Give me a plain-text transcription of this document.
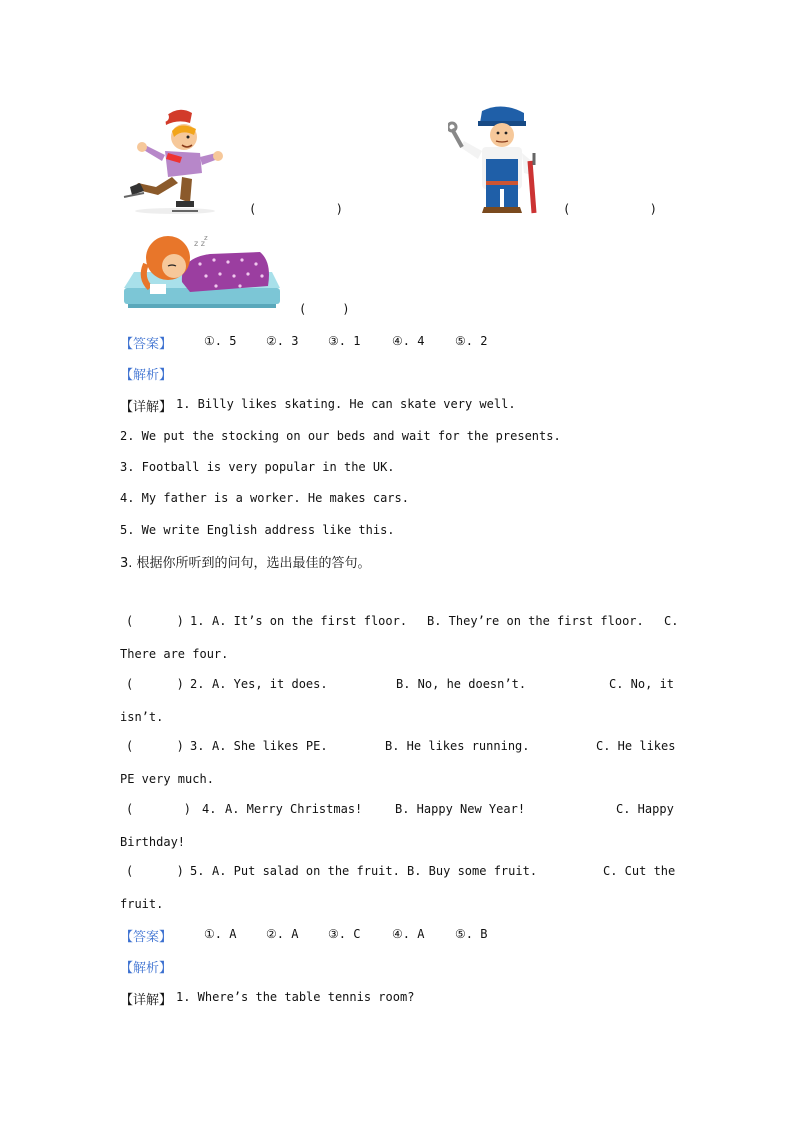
(           )	(           )
z z
z
(     )
【答案】	①. 5 ②. 3 ③. 1	④. 4	⑤. 2
【解析】
【详解】 1. Billy likes skating. He can skate very well.
2. We put the stocking on our beds and wait for the presents.
3. Football is very popular in the UK.
4. My father is a worker. He makes cars.
5. We write English address like this.
3. 根据你所听到的问句，选出最佳的答句。
(      ) 1. A. It’s on the first floor. B. They’re on the first floor. C.
There are four.
(      ) 2. A. Yes, it does.	B. No, he doesn’t.	C. No, it
isn’t.
(      ) 3. A. She likes PE.	B. He likes running.	C. He likes
PE very much.
(       ) 4. A. Merry Christmas!	B. Happy New Year!	C. Happy
Birthday!
(      ) 5. A. Put salad on the fruit. B. Buy some fruit.	C. Cut the
fruit.
【答案】	①. A ②. A ③. C	④. A	⑤. B
【解析】
【详解】 1. Where’s the table tennis room?
